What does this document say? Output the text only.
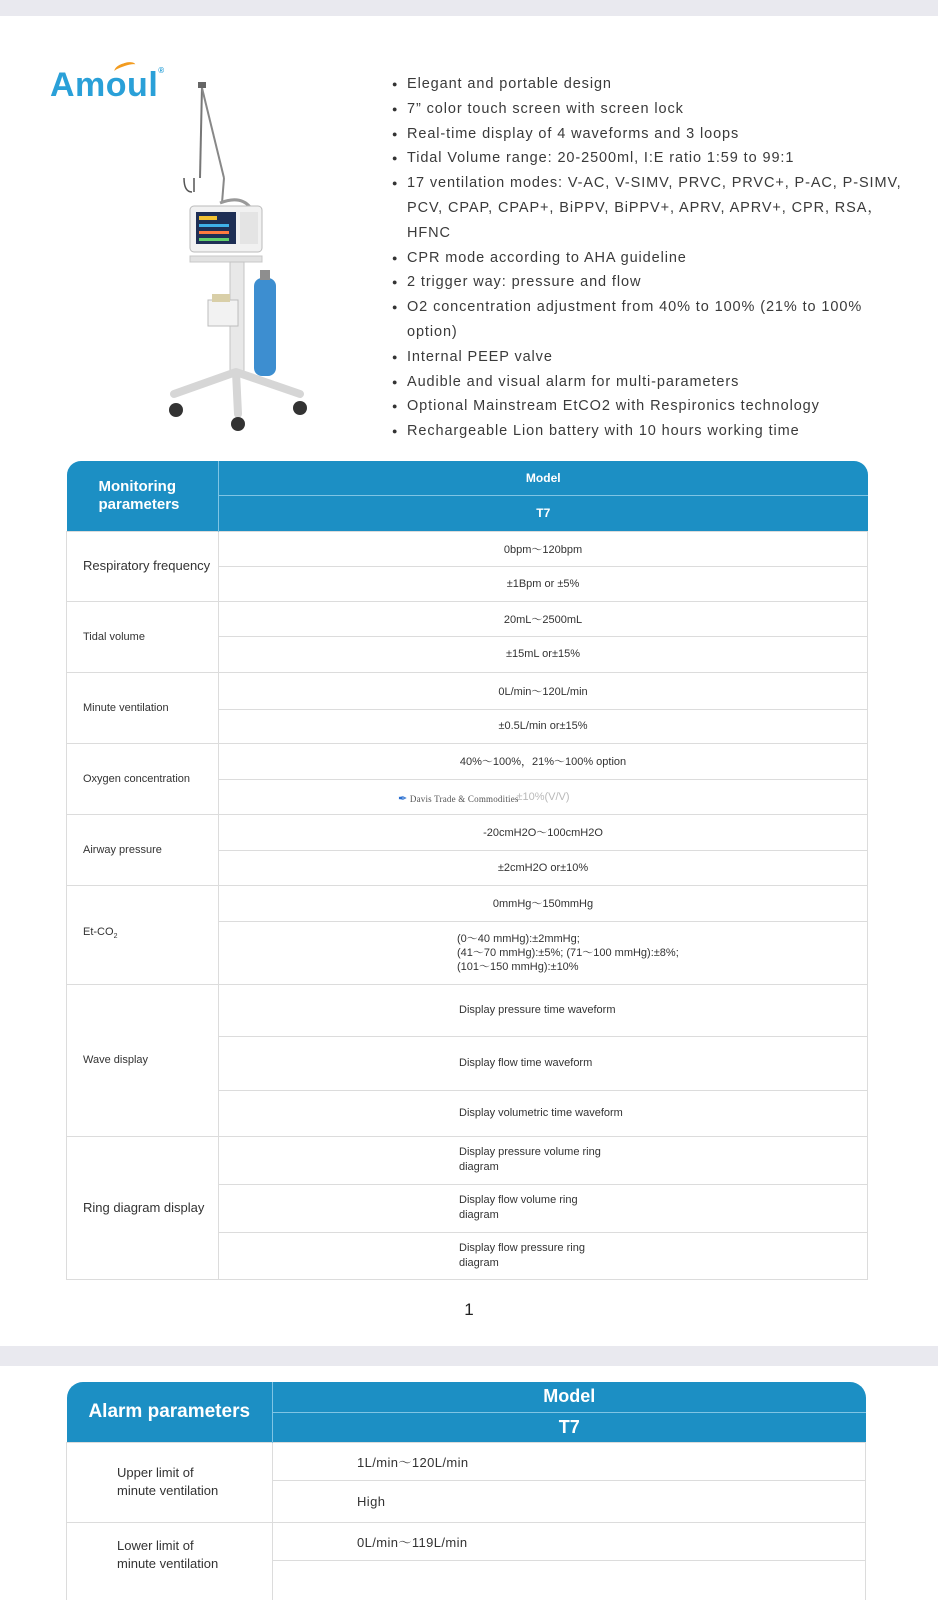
Amoul®
● Elegant and portable design
● 7” color touch screen with screen lock
● Real-time display of 4 waveforms and 3 loops
● Tidal Volume range: 20-2500ml, I:E ratio 1:59 to 99:1
● 17 ventilation modes: V-AC, V-SIMV, PRVC, PRVC+, P-AC, P-SIMV, PCV, CPAP, CPAP+, BiPPV, BiPPV+, APRV, APRV+, CPR, RSA， HFNC
● CPR mode according to AHA guideline
● 2 trigger way: pressure and flow
● O2 concentration adjustment from 40% to 100% (21% to 100% option)
● Internal PEEP valve
● Audible and visual alarm for multi-parameters
● Optional Mainstream EtCO2 with Respironics technology
● Rechargeable Lion battery with 10 hours working time
Monitoring parameters	Model
	T7
Respiratory frequency	0bpm～120bpm
	±1Bpm or ±5%
Tidal volume	20mL～2500mL
	±15mL or±15%
Minute ventilation	0L/min～120L/min
	±0.5L/min or±15%
Oxygen concentration	40%～100%，21%～100% option
	±10%(V/V)
Airway pressure	-20cmH2O～100cmH2O
	±2cmH2O or±10%
$Et-CO_2$	0mmHg～150mmHg

	(0～40 mmHg):±2mmHg;
(41～70 mmHg):±5%; (71～100 mmHg):±8%;
(101～150 mmHg):±10%

Wave display	Display pressure time waveform
	Display flow time waveform
	Display volumetric time waveform
Ring diagram display	Display pressure volume ring
diagram

	Display flow volume ring
diagram

	Display flow pressure ring
diagram
✒ Davis Trade & Commodities
1
Alarm parameters	Model
	T7

Upper limit of
minute ventilation	1L/min～120L/min
	High

Lower limit of
minute ventilation	0L/min～119L/min
